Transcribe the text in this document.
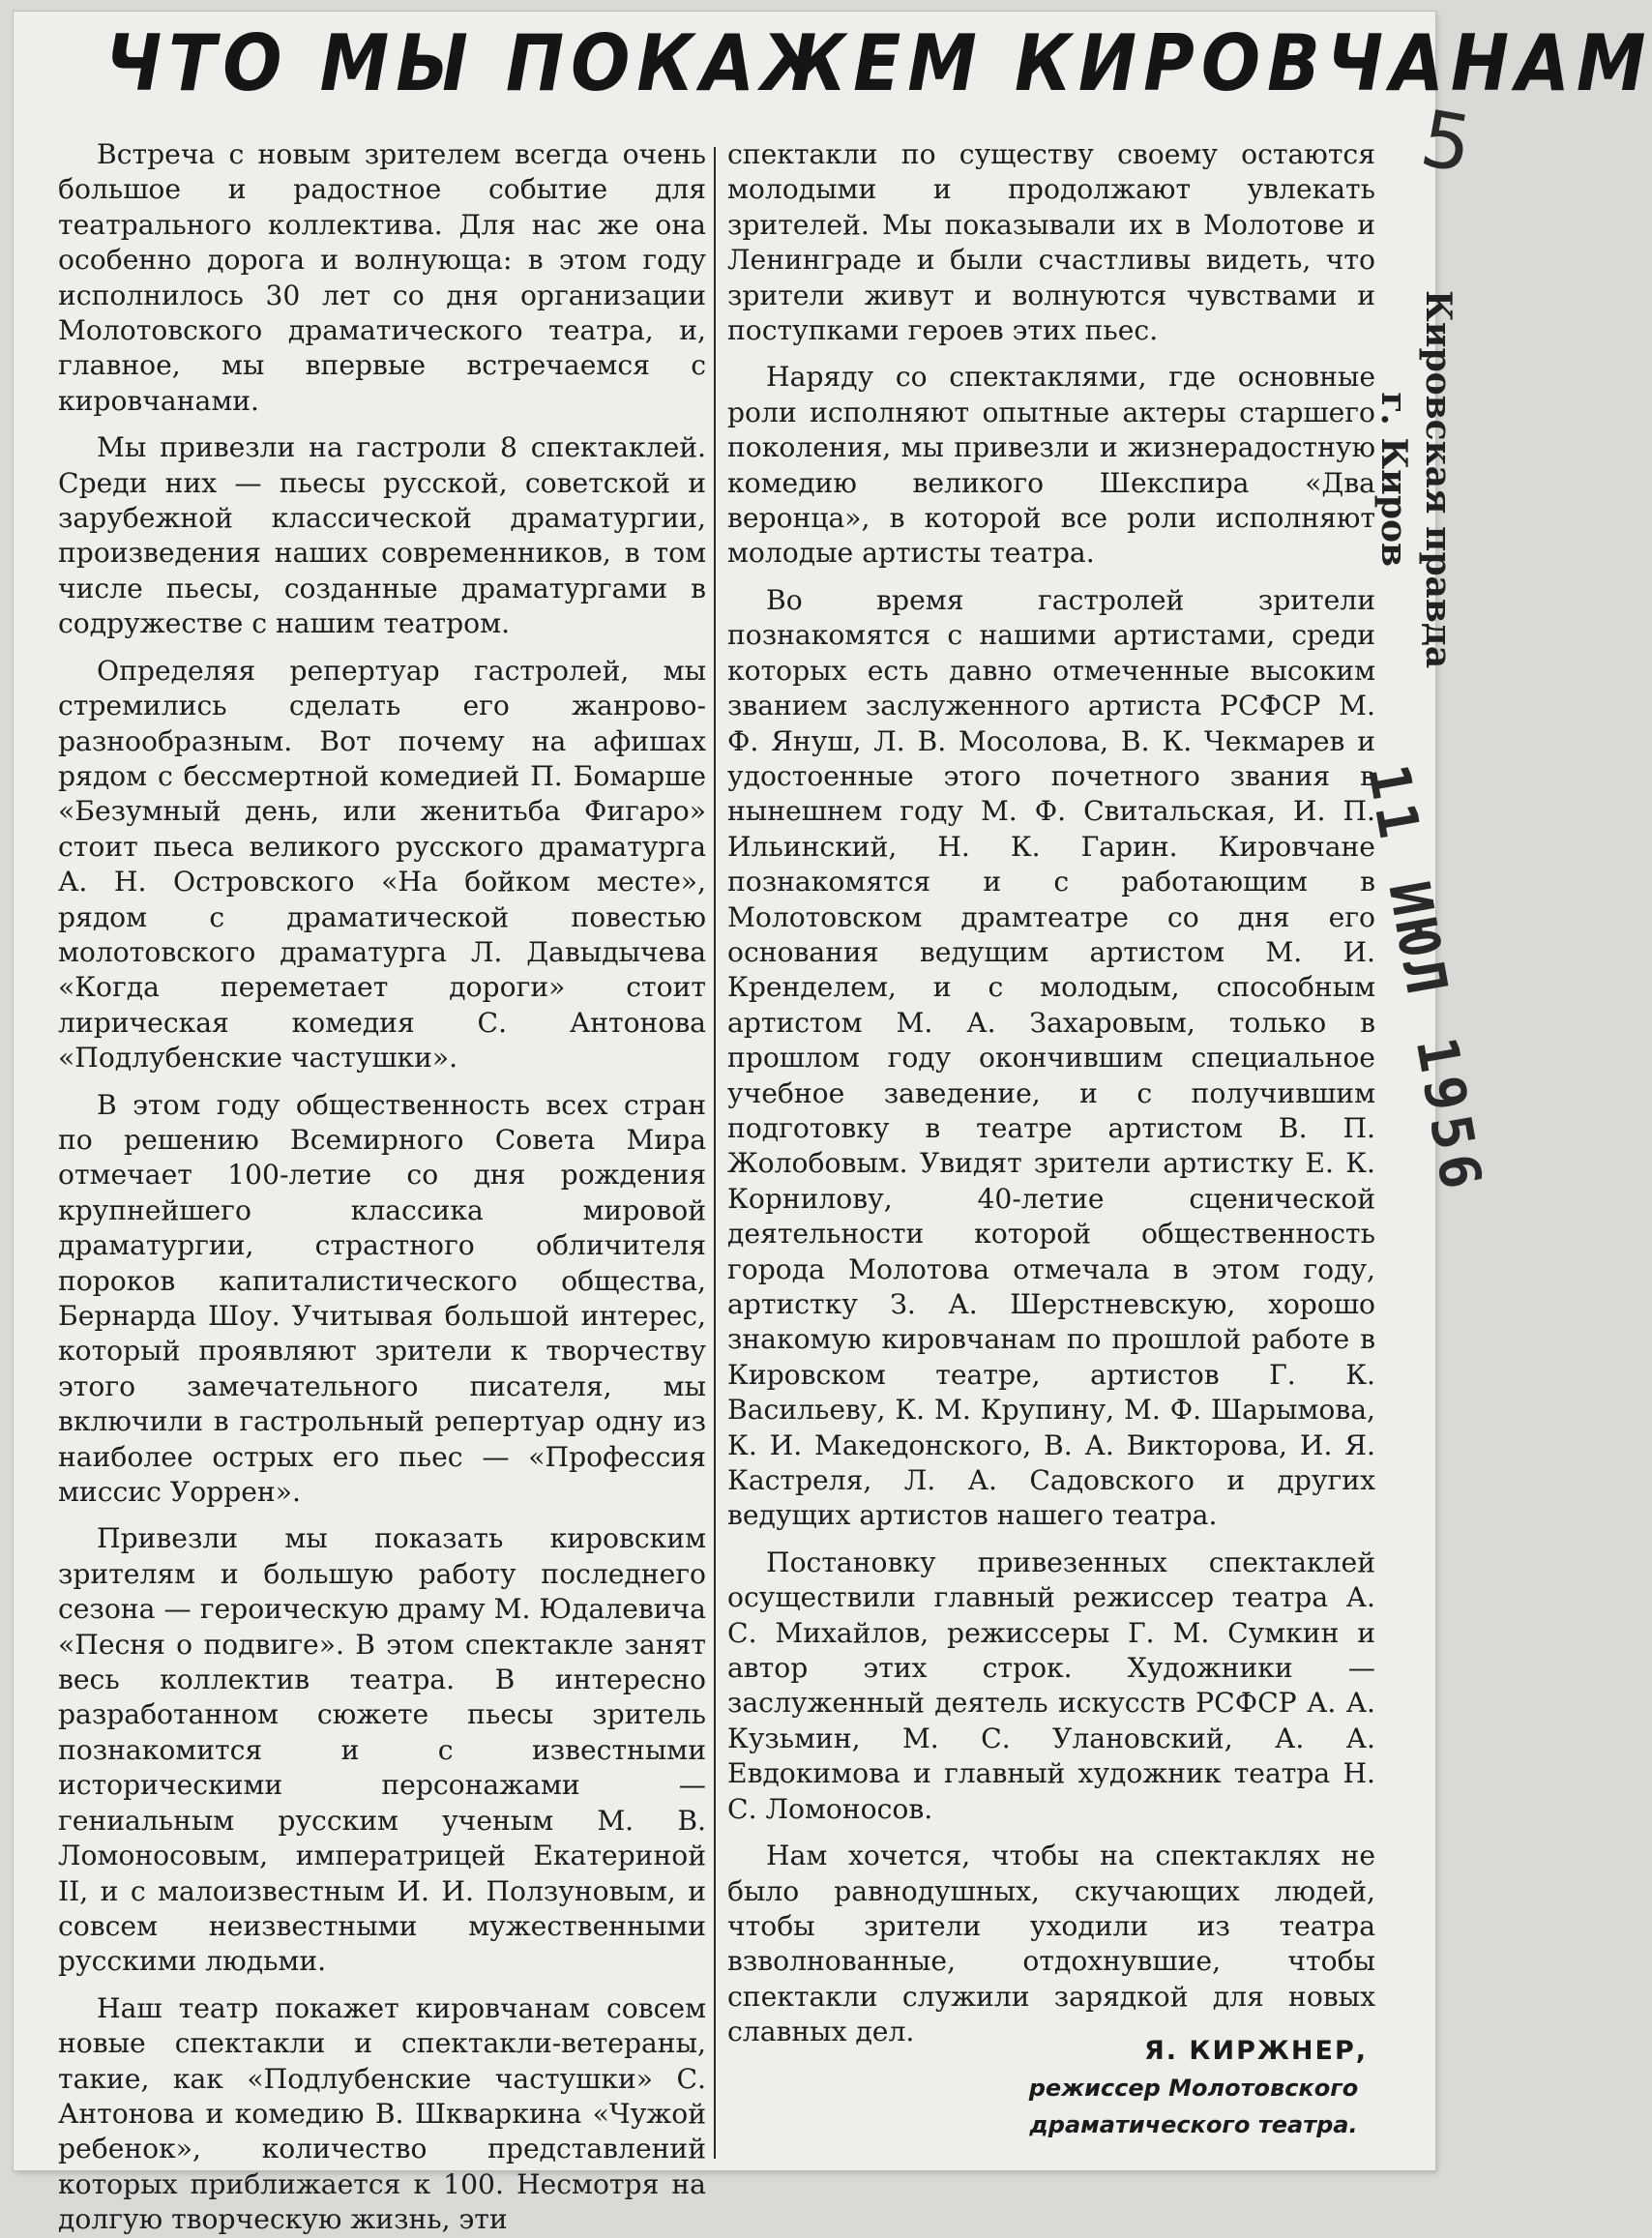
ЧТО МЫ ПОКАЖЕМ КИРОВЧАНАМ

Встреча с новым зрителем всегда очень большое и радостное событие для театрального коллектива. Для нас же она особенно дорога и волнующа: в этом году исполнилось 30 лет со дня организации Молотовского драматического театра, и, главное, мы впервые встречаемся с кировчанами.

Мы привезли на гастроли 8 спектаклей. Среди них — пьесы русской, советской и зарубежной классической драматургии, произведения наших современников, в том числе пьесы, созданные драматургами в содружестве с нашим театром.

Определяя репертуар гастролей, мы стремились сделать его жанрово-разнообразным. Вот почему на афишах рядом с бессмертной комедией П. Бомарше «Безумный день, или женитьба Фигаро» стоит пьеса великого русского драматурга А. Н. Островского «На бойком месте», рядом с драматической повестью молотовского драматурга Л. Давыдычева «Когда переметает дороги» стоит лирическая комедия С. Антонова «Подлубенские частушки».

В этом году общественность всех стран по решению Всемирного Совета Мира отмечает 100-летие со дня рождения крупнейшего классика мировой драматургии, страстного обличителя пороков капиталистического общества, Бернарда Шоу. Учитывая большой интерес, который проявляют зрители к творчеству этого замечательного писателя, мы включили в гастрольный репертуар одну из наиболее острых его пьес — «Профессия миссис Уоррен».

Привезли мы показать кировским зрителям и большую работу последнего сезона — героическую драму М. Юдалевича «Песня о подвиге». В этом спектакле занят весь коллектив театра. В интересно разработанном сюжете пьесы зритель познакомится и с известными историческими персонажами — гениальным русским ученым М. В. Ломоносовым, императрицей Екатериной II, и с малоизвестным И. И. Ползуновым, и совсем неизвестными мужественными русскими людьми.

Наш театр покажет кировчанам совсем новые спектакли и спектакли-ветераны, такие, как «Подлубенские частушки» С. Антонова и комедию В. Шкваркина «Чужой ребенок», количество представлений которых приближается к 100. Несмотря на долгую творческую жизнь, эти

спектакли по существу своему остаются молодыми и продолжают увлекать зрителей. Мы показывали их в Молотове и Ленинграде и были счастливы видеть, что зрители живут и волнуются чувствами и поступками героев этих пьес.

Наряду со спектаклями, где основные роли исполняют опытные актеры старшего поколения, мы привезли и жизнерадостную комедию великого Шекспира «Два веронца», в которой все роли исполняют молодые артисты театра.

Во время гастролей зрители познакомятся с нашими артистами, среди которых есть давно отмеченные высоким званием заслуженного артиста РСФСР М. Ф. Януш, Л. В. Мосолова, В. К. Чекмарев и удостоенные этого почетного звания в нынешнем году М. Ф. Свитальская, И. П. Ильинский, Н. К. Гарин. Кировчане познакомятся и с работающим в Молотовском драмтеатре со дня его основания ведущим артистом М. И. Кренделем, и с молодым, способным артистом М. А. Захаровым, только в прошлом году окончившим специальное учебное заведение, и с получившим подготовку в театре артистом В. П. Жолобовым. Увидят зрители артистку Е. К. Корнилову, 40-летие сценической деятельности которой общественность города Молотова отмечала в этом году, артистку З. А. Шерстневскую, хорошо знакомую кировчанам по прошлой работе в Кировском театре, артистов Г. К. Васильеву, К. М. Крупину, М. Ф. Шарымова, К. И. Македонского, В. А. Викторова, И. Я. Кастреля, Л. А. Садовского и других ведущих артистов нашего театра.

Постановку привезенных спектаклей осуществили главный режиссер театра А. С. Михайлов, режиссеры Г. М. Сумкин и автор этих строк. Художники — заслуженный деятель искусств РСФСР А. А. Кузьмин, М. С. Улановский, А. А. Евдокимова и главный художник театра Н. С. Ломоносов.

Нам хочется, чтобы на спектаклях не было равнодушных, скучающих людей, чтобы зрители уходили из театра взволнованные, отдохнувшие, чтобы спектакли служили зарядкой для новых славных дел.

Я. КИРЖНЕР,
режиссер Молотовского
драматического театра.
5
Кировская правда
г. Киров
11 ИЮЛ 1956
